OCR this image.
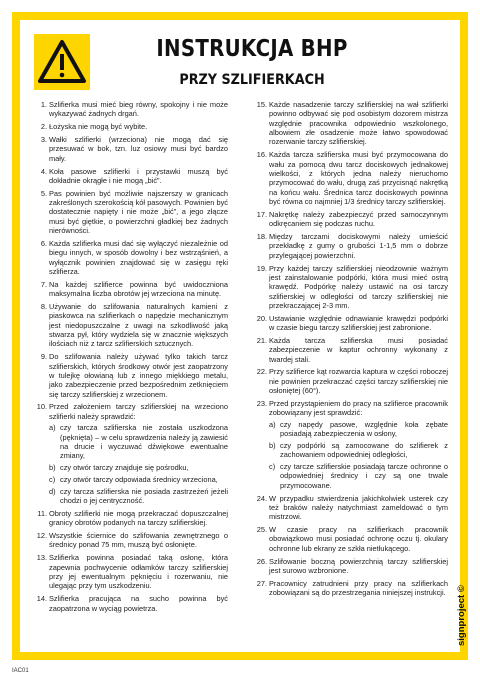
INSTRUKCJA BHP
PRZY SZLIFIERKACH
1 . Szlifierka musi mieć bieg równy, spokojny i nie może wykazywać żadnych drgań.
2 . Łożyska nie mogą być wybite.
3 . Wałki szlifierki (wrzeciona) nie mogą dać się przesuwać w bok, tzn. luz osiowy musi być bardzo mały.
4 . Koła pasowe szlifierki i przystawki muszą być dokładnie okrągłe i nie mogą „bić”.
5 . Pas powinien być możliwie najszerszy w granicach zakreślonych szerokością kół pasowych. Powinien być dostatecznie napięty i nie może „bić”, a jego złącze musi być giętkie, o powierzchni gładkiej bez żadnych nierówności.
6 . Każda szlifierka musi dać się wyłączyć niezależnie od biegu innych, w sposób dowolny i bez wstrząśnień, a wyłącznik powinien znajdować się w zasięgu ręki szlifierza.
7 . Na każdej szlifierce powinna być uwidoczniona maksymalna liczba obrotów jej wrzeciona na minutę.
8 . Używanie do szlifowania naturalnych kamieni z piaskowca na szlifierkach o napędzie mechanicznym jest niedopuszczalne z uwagi na szkodliwość jaką stwarza pył, który wydziela się w znacznie większych ilościach niż z tarcz szlifierskich sztucznych.
9 . Do szlifowania należy używać tylko takich tarcz szlifierskich, których środkowy otwór jest zaopatrzony w tulejkę ołowianą lub z innego miękkiego metalu, jako zabezpieczenie przed bezpośrednim zetknięciem się tarczy szlifierskiej z wrzecionem.
10 . Przed założeniem tarczy szlifierskiej na wrzeciono szlifierki należy sprawdzić:
a ) czy tarcza szlifierska nie została uszkodzona (pęknięta) – w celu sprawdzenia należy ją zawiesić na drucie i wyczuwać dźwiękowe ewentualne zmiany,
b ) czy otwór tarczy znajduje się pośrodku,
c ) czy otwór tarczy odpowiada średnicy wrzeciona,
d ) czy tarcza szlifierska nie posiada zastrzeżeń jeżeli chodzi o jej centryczność.
11 . Obroty szlifierki nie mogą przekraczać dopuszczalnej granicy obrotów podanych na tarczy szlifierskiej.
12 . Wszystkie ściernice do szlifowania zewnętrznego o średnicy ponad 75 mm, muszą być osłonięte.
13 . Szlifierka powinna posiadać taką osłonę, która zapewnia pochwycenie odłamków tarczy szlifierskiej przy jej ewentualnym pęknięciu i rozerwaniu, nie ulegając przy tym uszkodzeniu.
14 . Szlifierka pracująca na sucho powinna być zaopatrzona w wyciąg powietrza.
15 . Każde nasadzenie tarczy szlifierskiej na wał szlifierki powinno odbywać się pod osobistym dozorem mistrza względnie pracownika odpowiednio wszkolonego, albowiem złe osadzenie może łatwo spowodować rozerwanie tarczy szlifierskiej.
16 . Każda tarcza szlifierska musi być przymocowana do wału za pomocą dwu tarcz dociskowych jednakowej wielkości, z których jedna należy nieruchomo przymocować do wału, drugą zaś przycisnąć nakrętką na końcu wału. Średnica tarcz dociskowych powinna być równa co najmniej 1/3 średnicy tarczy szlifierskiej.
17 . Nakrętkę należy zabezpieczyć przed samoczynnym odkręcaniem się podczas ruchu.
18 . Między tarczami dociskowymi należy umieścić przekładkę z gumy o grubości 1-1,5 mm o dobrze przylegającej powierzchni.
19 . Przy każdej tarczy szlifierskiej nieodzownie ważnym jest zainstalowanie podpórki, która musi mieć ostrą krawędź. Podpórkę należy ustawić na osi tarczy szlifierskiej w odległości od tarczy szlifierskiej nie przekraczającej 2-3 mm.
20 . Ustawianie względnie odnawianie krawędzi podpórki w czasie biegu tarczy szlifierskiej jest zabronione.
21 . Każda tarcza szlifierska musi posiadać zabezpieczenie w kaptur ochronny wykonany z twardej stali.
22 . Przy szlifierce kąt rozwarcia kaptura w części roboczej nie powinien przekraczać części tarczy szlifierskiej nie osłoniętej (60°).
23 . Przed przystąpieniem do pracy na szlifierce pracownik zobowiązany jest sprawdzić:
a ) czy napędy pasowe, względnie koła zębate posiadają zabezpieczenia w osłony,
b ) czy podpórki są zamocowane do szlifierek z zachowaniem odpowiedniej odległości,
c ) czy tarcze szlifierskie posiadają tarcze ochronne o odpowiedniej średnicy i czy są one trwale przymocowane.
24 . W przypadku stwierdzenia jakichkolwiek usterek czy też braków należy natychmiast zameldować o tym mistrzowi.
25 . W czasie pracy na szlifierkach pracownik obowiązkowo musi posiadać ochronę oczu tj. okulary ochronne lub ekrany ze szkła nietłukącego.
26 . Szlifowanie boczną powierzchnią tarczy szlifierskiej jest surowo wzbronione.
27 . Pracownicy zatrudnieni przy pracy na szlifierkach zobowiązani są do przestrzegania niniejszej instrukcji. signproject ©
IAC01
